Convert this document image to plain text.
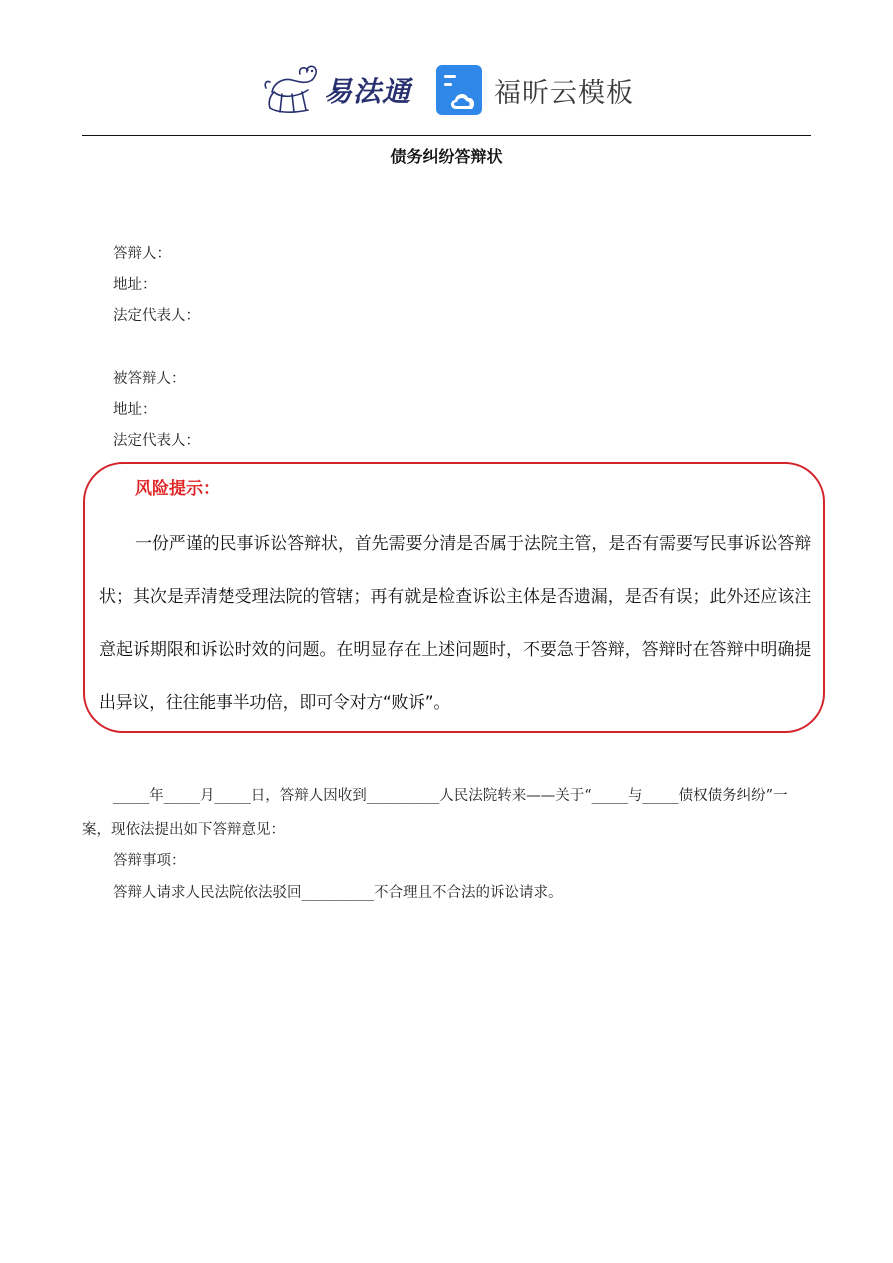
易法通	福昕云模板
债务纠纷答辩状
答辩人：
地址：
法定代表人：
被答辩人：
地址：
法定代表人：
风险提示：
一份严谨的民事诉讼答辩状，首先需要分清是否属于法院主管，是否有需要写民事诉讼答辩状；其次是弄清楚受理法院的管辖；再有就是检查诉讼主体是否遗漏，是否有误；此外还应该注意起诉期限和诉讼时效的问题。在明显存在上述问题时，不要急于答辩，答辩时在答辩中明确提出异议，往往能事半功倍，即可令对方“败诉”。
_____年_____月_____日，答辩人因收到__________人民法院转来——关于“_____与_____债权债务纠纷”一案，现依法提出如下答辩意见：
答辩事项：
答辩人请求人民法院依法驳回__________不合理且不合法的诉讼请求。
